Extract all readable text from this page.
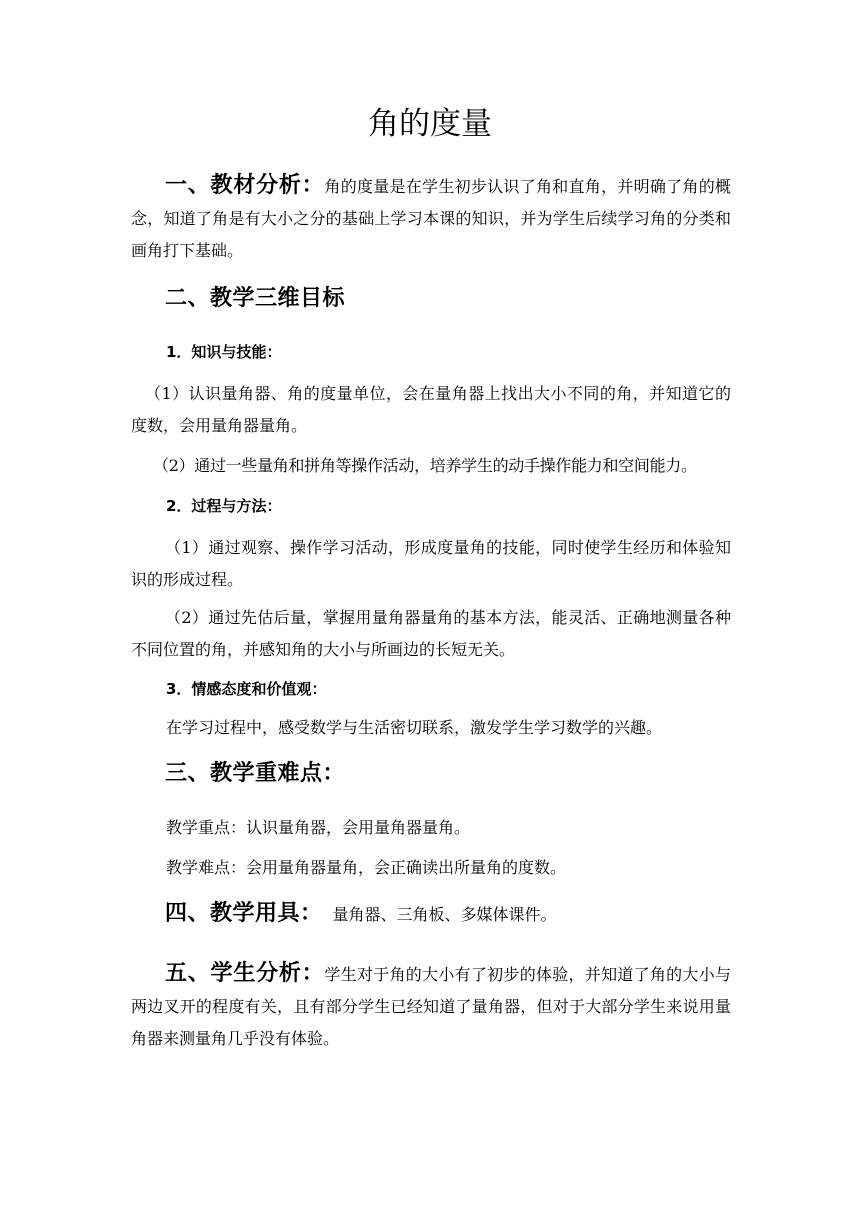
角的度量
一、教材分析：角的度量是在学生初步认识了角和直角，并明确了角的概念，知道了角是有大小之分的基础上学习本课的知识，并为学生后续学习角的分类和画角打下基础。
二、教学三维目标
1．知识与技能：
（1）认识量角器、角的度量单位，会在量角器上找出大小不同的角，并知道它的度数，会用量角器量角。
（2）通过一些量角和拼角等操作活动，培养学生的动手操作能力和空间能力。
2．过程与方法：
（1）通过观察、操作学习活动，形成度量角的技能，同时使学生经历和体验知识的形成过程。
（2）通过先估后量，掌握用量角器量角的基本方法，能灵活、正确地测量各种不同位置的角，并感知角的大小与所画边的长短无关。
3．情感态度和价值观：
在学习过程中，感受数学与生活密切联系，激发学生学习数学的兴趣。
三、教学重难点：
教学重点：认识量角器，会用量角器量角。
教学难点：会用量角器量角，会正确读出所量角的度数。
四、教学用具： 量角器、三角板、多媒体课件。
五、学生分析：学生对于角的大小有了初步的体验，并知道了角的大小与两边叉开的程度有关，且有部分学生已经知道了量角器，但对于大部分学生来说用量角器来测量角几乎没有体验。
